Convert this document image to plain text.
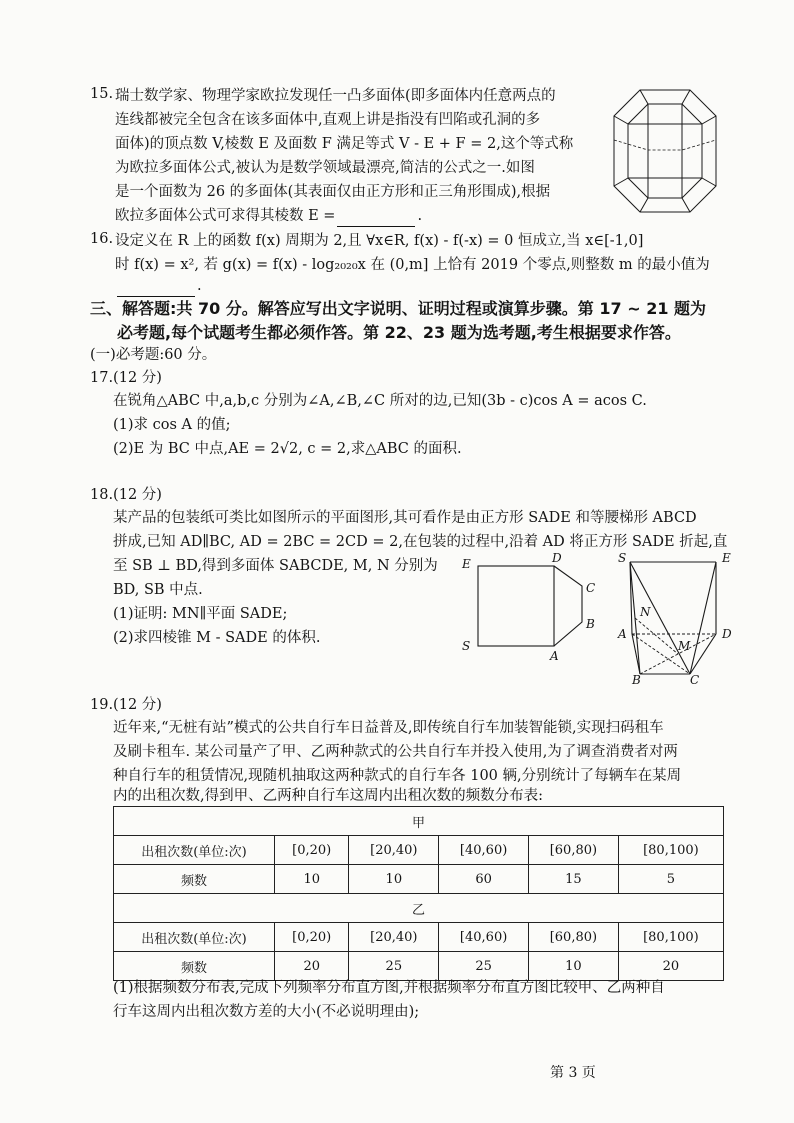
15. 瑞士数学家、物理学家欧拉发现任一凸多面体(即多面体内任意两点的
连线都被完全包含在该多面体中,直观上讲是指没有凹陷或孔洞的多
面体)的顶点数 V,棱数 E 及面数 F 满足等式 V - E + F = 2,这个等式称
为欧拉多面体公式,被认为是数学领域最漂亮,简洁的公式之一.如图
是一个面数为 26 的多面体(其表面仅由正方形和正三角形围成),根据
欧拉多面体公式可求得其棱数 E =	.
16. 设定义在 R 上的函数 f(x) 周期为 2,且 ∀x∈R, f(x) - f(-x) = 0 恒成立,当 x∈[-1,0]
时 f(x) = x², 若 g(x) = f(x) - log₂₀₂₀x 在 (0,m] 上恰有 2019 个零点,则整数 m 的最小值为
.
三、解答题:共 70 分。解答应写出文字说明、证明过程或演算步骤。第 17 ~ 21 题为
必考题,每个试题考生都必须作答。第 22、23 题为选考题,考生根据要求作答。
(一)必考题:60 分。
17.(12 分)
在锐角△ABC 中,a,b,c 分别为∠A,∠B,∠C 所对的边,已知(3b - c)cos A = acos C.
(1)求 cos A 的值;
(2)E 为 BC 中点,AE = 2√2, c = 2,求△ABC 的面积.
18.(12 分)
某产品的包装纸可类比如图所示的平面图形,其可看作是由正方形 SADE 和等腰梯形 ABCD
拼成,已知 AD∥BC, AD = 2BC = 2CD = 2,在包装的过程中,沿着 AD 将正方形 SADE 折起,直
至 SB ⊥ BD,得到多面体 SABCDE, M, N 分别为
BD, SB 中点.
(1)证明: MN∥平面 SADE;
(2)求四棱锥 M - SADE 的体积.
E	D
C
B
S
A
S	E
N
A	D
M
B	C
19.(12 分)
近年来,“无桩有站”模式的公共自行车日益普及,即传统自行车加装智能锁,实现扫码租车
及刷卡租车. 某公司量产了甲、乙两种款式的公共自行车并投入使用,为了调查消费者对两
种自行车的租赁情况,现随机抽取这两种款式的自行车各 100 辆,分别统计了每辆车在某周
内的出租次数,得到甲、乙两种自行车这周内出租次数的频数分布表:
甲					
出租次数(单位:次)	[0,20)	[20,40)	[40,60)	[60,80)	[80,100)
频数	10	10	60	15	5
乙					
出租次数(单位:次)	[0,20)	[20,40)	[40,60)	[60,80)	[80,100)
频数	20	25	25	10	20
(1)根据频数分布表,完成下列频率分布直方图,并根据频率分布直方图比较甲、乙两种自
行车这周内出租次数方差的大小(不必说明理由);
第 3 页
